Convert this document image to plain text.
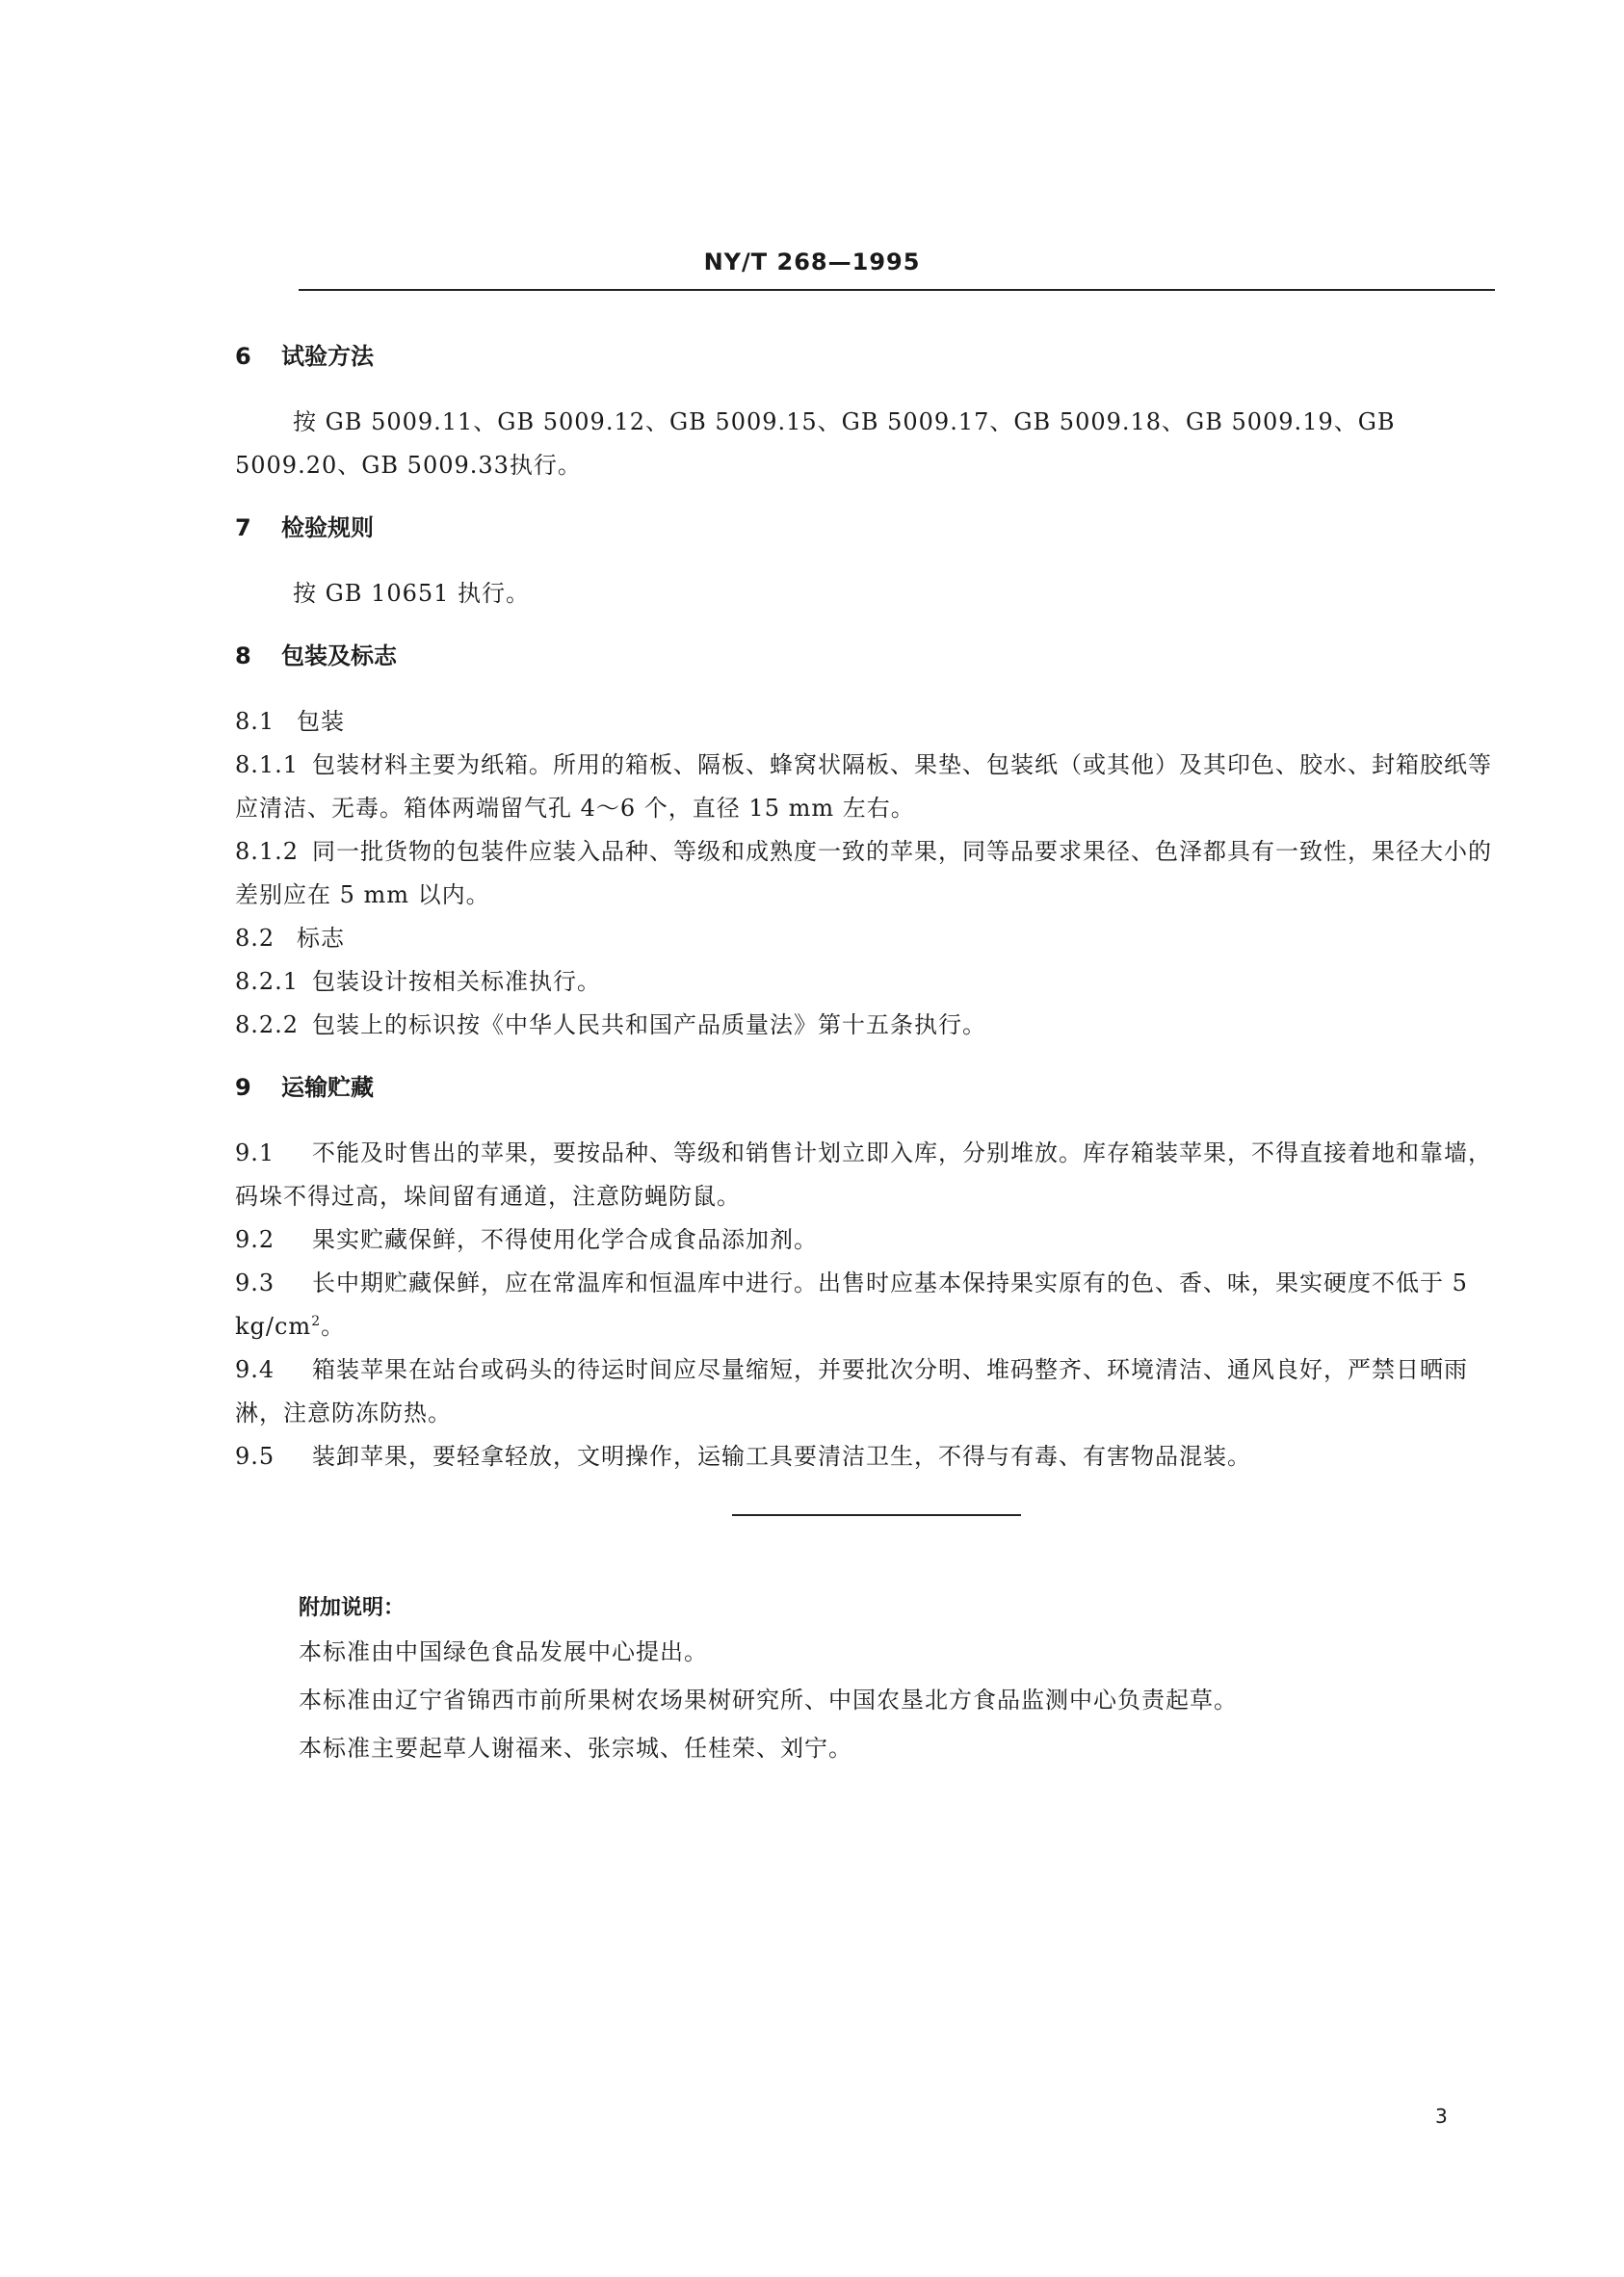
NY/T 268—1995
6 试验方法

按 GB 5009.11、GB 5009.12、GB 5009.15、GB 5009.17、GB 5009.18、GB 5009.19、GB 5009.20、GB 5009.33执行。

7 检验规则

按 GB 10651 执行。

8 包装及标志

8.1 包装

8.1.1 包装材料主要为纸箱。所用的箱板、隔板、蜂窝状隔板、果垫、包装纸（或其他）及其印色、胶水、封箱胶纸等应清洁、无毒。箱体两端留气孔 4～6 个，直径 15 mm 左右。

8.1.2 同一批货物的包装件应装入品种、等级和成熟度一致的苹果，同等品要求果径、色泽都具有一致性，果径大小的差别应在 5 mm 以内。

8.2 标志

8.2.1 包装设计按相关标准执行。

8.2.2 包装上的标识按《中华人民共和国产品质量法》第十五条执行。

9 运输贮藏

9.1 不能及时售出的苹果，要按品种、等级和销售计划立即入库，分别堆放。库存箱装苹果，不得直接着地和靠墙，码垛不得过高，垛间留有通道，注意防蝇防鼠。

9.2 果实贮藏保鲜，不得使用化学合成食品添加剂。

9.3 长中期贮藏保鲜，应在常温库和恒温库中进行。出售时应基本保持果实原有的色、香、味，果实硬度不低于 5 $kg/cm^2$。

9.4 箱装苹果在站台或码头的待运时间应尽量缩短，并要批次分明、堆码整齐、环境清洁、通风良好，严禁日晒雨淋，注意防冻防热。

9.5 装卸苹果，要轻拿轻放，文明操作，运输工具要清洁卫生，不得与有毒、有害物品混装。

附加说明：

本标准由中国绿色食品发展中心提出。

本标准由辽宁省锦西市前所果树农场果树研究所、中国农垦北方食品监测中心负责起草。

本标准主要起草人谢福来、张宗城、任桂荣、刘宁。

3
